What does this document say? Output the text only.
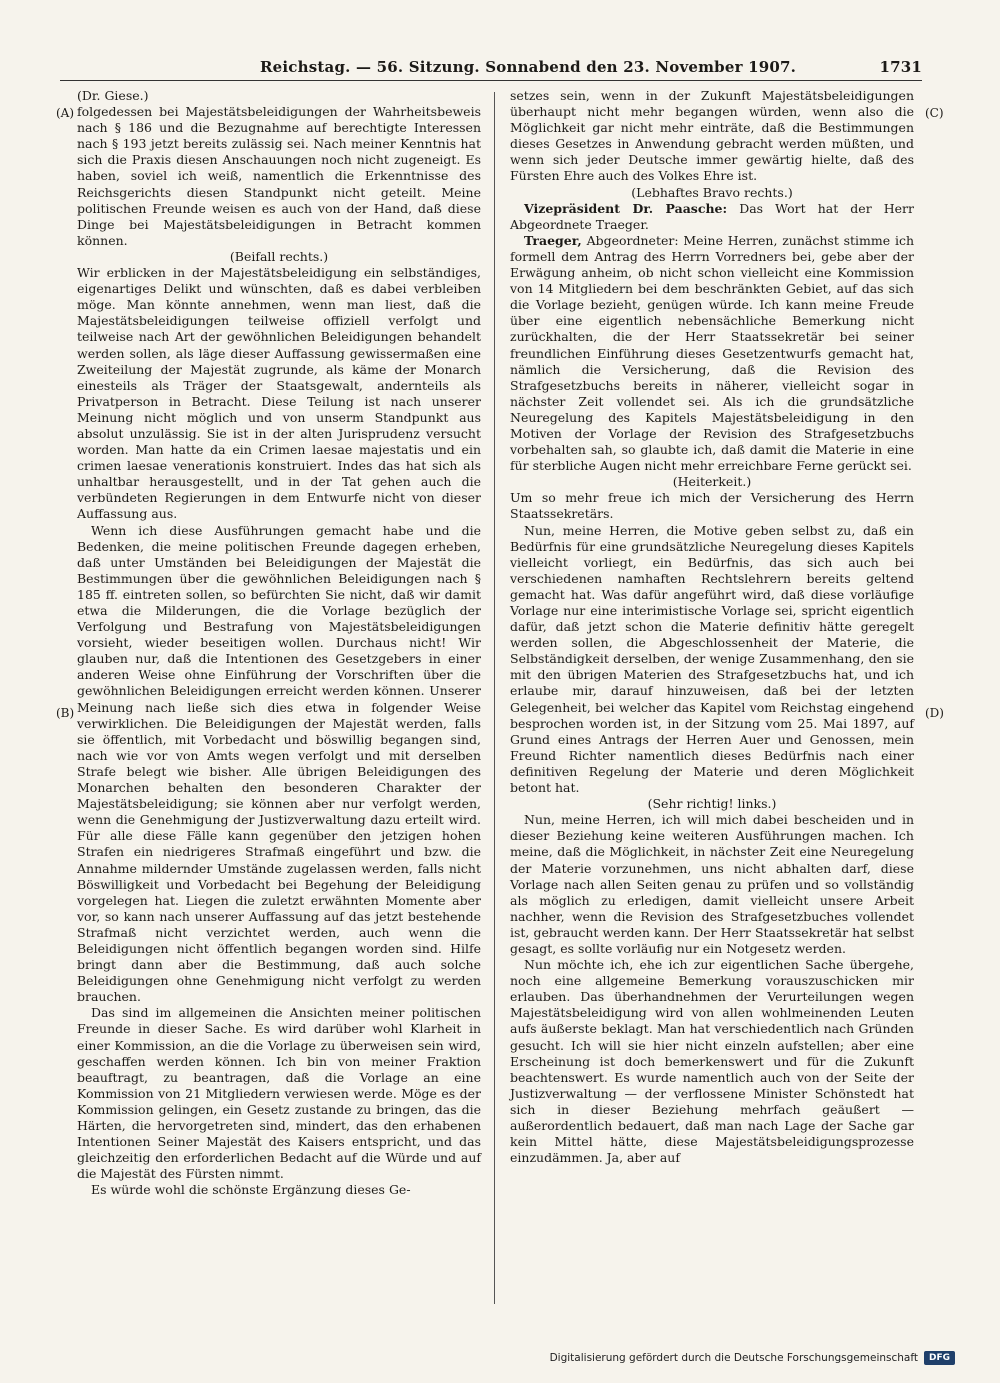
Reichstag. — 56. Sitzung. Sonnabend den 23. November 1907.	1731
(A)
(B)
(C)
(D)

(Dr. Giese.)

folgedessen bei Majestätsbeleidigungen der Wahrheitsbeweis nach § 186 und die Bezugnahme auf berechtigte Interessen nach § 193 jetzt bereits zulässig sei. Nach meiner Kenntnis hat sich die Praxis diesen Anschauungen noch nicht zugeneigt. Es haben, soviel ich weiß, namentlich die Erkenntnisse des Reichsgerichts diesen Standpunkt nicht geteilt. Meine politischen Freunde weisen es auch von der Hand, daß diese Dinge bei Majestätsbeleidigungen in Betracht kommen können.

(Beifall rechts.)

Wir erblicken in der Majestätsbeleidigung ein selbständiges, eigenartiges Delikt und wünschten, daß es dabei verbleiben möge. Man könnte annehmen, wenn man liest, daß die Majestätsbeleidigungen teilweise offiziell verfolgt und teilweise nach Art der gewöhnlichen Beleidigungen behandelt werden sollen, als läge dieser Auffassung gewissermaßen eine Zweiteilung der Majestät zugrunde, als käme der Monarch einesteils als Träger der Staatsgewalt, andernteils als Privatperson in Betracht. Diese Teilung ist nach unserer Meinung nicht möglich und von unserm Standpunkt aus absolut unzulässig. Sie ist in der alten Jurisprudenz versucht worden. Man hatte da ein Crimen laesae majestatis und ein crimen laesae venerationis konstruiert. Indes das hat sich als unhaltbar herausgestellt, und in der Tat gehen auch die verbündeten Regierungen in dem Entwurfe nicht von dieser Auffassung aus.

Wenn ich diese Ausführungen gemacht habe und die Bedenken, die meine politischen Freunde dagegen erheben, daß unter Umständen bei Beleidigungen der Majestät die Bestimmungen über die gewöhnlichen Beleidigungen nach § 185 ff. eintreten sollen, so befürchten Sie nicht, daß wir damit etwa die Milderungen, die die Vorlage bezüglich der Verfolgung und Bestrafung von Majestätsbeleidigungen vorsieht, wieder beseitigen wollen. Durchaus nicht! Wir glauben nur, daß die Intentionen des Gesetzgebers in einer anderen Weise ohne Einführung der Vorschriften über die gewöhnlichen Beleidigungen erreicht werden können. Unserer Meinung nach ließe sich dies etwa in folgender Weise verwirklichen. Die Beleidigungen der Majestät werden, falls sie öffentlich, mit Vorbedacht und böswillig begangen sind, nach wie vor von Amts wegen verfolgt und mit derselben Strafe belegt wie bisher. Alle übrigen Beleidigungen des Monarchen behalten den besonderen Charakter der Majestätsbeleidigung; sie können aber nur verfolgt werden, wenn die Genehmigung der Justizverwaltung dazu erteilt wird. Für alle diese Fälle kann gegenüber den jetzigen hohen Strafen ein niedrigeres Strafmaß eingeführt und bzw. die Annahme mildernder Umstände zugelassen werden, falls nicht Böswilligkeit und Vorbedacht bei Begehung der Beleidigung vorgelegen hat. Liegen die zuletzt erwähnten Momente aber vor, so kann nach unserer Auffassung auf das jetzt bestehende Strafmaß nicht verzichtet werden, auch wenn die Beleidigungen nicht öffentlich begangen worden sind. Hilfe bringt dann aber die Bestimmung, daß auch solche Beleidigungen ohne Genehmigung nicht verfolgt zu werden brauchen.

Das sind im allgemeinen die Ansichten meiner politischen Freunde in dieser Sache. Es wird darüber wohl Klarheit in einer Kommission, an die die Vorlage zu überweisen sein wird, geschaffen werden können. Ich bin von meiner Fraktion beauftragt, zu beantragen, daß die Vorlage an eine Kommission von 21 Mitgliedern verwiesen werde. Möge es der Kommission gelingen, ein Gesetz zustande zu bringen, das die Härten, die hervorgetreten sind, mindert, das den erhabenen Intentionen Seiner Majestät des Kaisers entspricht, und das gleichzeitig den erforderlichen Bedacht auf die Würde und auf die Majestät des Fürsten nimmt.

Es würde wohl die schönste Ergänzung dieses Ge-

setzes sein, wenn in der Zukunft Majestätsbeleidigungen überhaupt nicht mehr begangen würden, wenn also die Möglichkeit gar nicht mehr einträte, daß die Bestimmungen dieses Gesetzes in Anwendung gebracht werden müßten, und wenn sich jeder Deutsche immer gewärtig hielte, daß des Fürsten Ehre auch des Volkes Ehre ist.

(Lebhaftes Bravo rechts.)

Vizepräsident Dr. Paasche: Das Wort hat der Herr Abgeordnete Traeger.

Traeger, Abgeordneter: Meine Herren, zunächst stimme ich formell dem Antrag des Herrn Vorredners bei, gebe aber der Erwägung anheim, ob nicht schon vielleicht eine Kommission von 14 Mitgliedern bei dem beschränkten Gebiet, auf das sich die Vorlage bezieht, genügen würde. Ich kann meine Freude über eine eigentlich nebensächliche Bemerkung nicht zurückhalten, die der Herr Staatssekretär bei seiner freundlichen Einführung dieses Gesetzentwurfs gemacht hat, nämlich die Versicherung, daß die Revision des Strafgesetzbuchs bereits in näherer, vielleicht sogar in nächster Zeit vollendet sei. Als ich die grundsätzliche Neuregelung des Kapitels Majestätsbeleidigung in den Motiven der Vorlage der Revision des Strafgesetzbuchs vorbehalten sah, so glaubte ich, daß damit die Materie in eine für sterbliche Augen nicht mehr erreichbare Ferne gerückt sei.

(Heiterkeit.)

Um so mehr freue ich mich der Versicherung des Herrn Staatssekretärs.

Nun, meine Herren, die Motive geben selbst zu, daß ein Bedürfnis für eine grundsätzliche Neuregelung dieses Kapitels vielleicht vorliegt, ein Bedürfnis, das sich auch bei verschiedenen namhaften Rechtslehrern bereits geltend gemacht hat. Was dafür angeführt wird, daß diese vorläufige Vorlage nur eine interimistische Vorlage sei, spricht eigentlich dafür, daß jetzt schon die Materie definitiv hätte geregelt werden sollen, die Abgeschlossenheit der Materie, die Selbständigkeit derselben, der wenige Zusammenhang, den sie mit den übrigen Materien des Strafgesetzbuchs hat, und ich erlaube mir, darauf hinzuweisen, daß bei der letzten Gelegenheit, bei welcher das Kapitel vom Reichstag eingehend besprochen worden ist, in der Sitzung vom 25. Mai 1897, auf Grund eines Antrags der Herren Auer und Genossen, mein Freund Richter namentlich dieses Bedürfnis nach einer definitiven Regelung der Materie und deren Möglichkeit betont hat.

(Sehr richtig! links.)

Nun, meine Herren, ich will mich dabei bescheiden und in dieser Beziehung keine weiteren Ausführungen machen. Ich meine, daß die Möglichkeit, in nächster Zeit eine Neuregelung der Materie vorzunehmen, uns nicht abhalten darf, diese Vorlage nach allen Seiten genau zu prüfen und so vollständig als möglich zu erledigen, damit vielleicht unsere Arbeit nachher, wenn die Revision des Strafgesetzbuches vollendet ist, gebraucht werden kann. Der Herr Staatssekretär hat selbst gesagt, es sollte vorläufig nur ein Notgesetz werden.

Nun möchte ich, ehe ich zur eigentlichen Sache übergehe, noch eine allgemeine Bemerkung vorauszuschicken mir erlauben. Das überhandnehmen der Verurteilungen wegen Majestätsbeleidigung wird von allen wohlmeinenden Leuten aufs äußerste beklagt. Man hat verschiedentlich nach Gründen gesucht. Ich will sie hier nicht einzeln aufstellen; aber eine Erscheinung ist doch bemerkenswert und für die Zukunft beachtenswert. Es wurde namentlich auch von der Seite der Justizverwaltung — der verflossene Minister Schönstedt hat sich in dieser Beziehung mehrfach geäußert — außerordentlich bedauert, daß man nach Lage der Sache gar kein Mittel hätte, diese Majestätsbeleidigungsprozesse einzudämmen. Ja, aber auf

Digitalisierung gefördert durch die Deutsche Forschungsgemeinschaft	DFG
